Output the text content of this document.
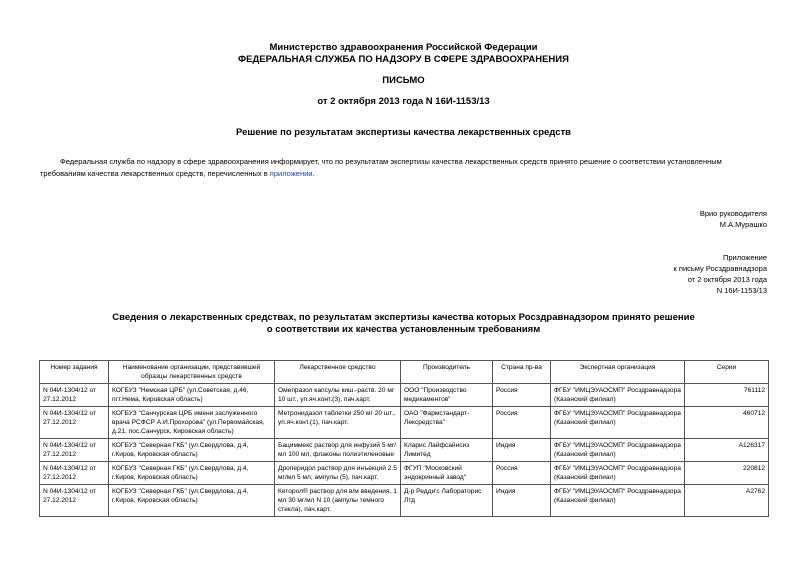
Министерство здравоохранения Российской Федерации
ФЕДЕРАЛЬНАЯ СЛУЖБА ПО НАДЗОРУ В СФЕРЕ ЗДРАВООХРАНЕНИЯ
ПИСЬМО
от 2 октября 2013 года N 16И-1153/13
Решение по результатам экспертизы качества лекарственных средств
Федеральная служба по надзору в сфере здравоохранения информирует, что по результатам экспертизы качества лекарственных средств принято решение о соответствии установленным требованиям качества лекарственных средств, перечисленных в приложении.
Врио руководителя
М.А.Мурашко
Приложение
к письму Росздравнадзора
от 2 октября 2013 года
N 16И-1153/13
Сведения о лекарственных средствах, по результатам экспертизы качества которых Росздравнадзором принято решение о соответствии их качества установленным требованиям
Номер задания	Наименование организации, представившей образцы лекарственных средств	Лекарственное средство	Производитель	Страна пр-ва	Экспертная организация	Серии
N 04И-1304/12 от 27.12.2012	КОГБУЗ "Немская ЦРБ" (ул.Советская, д.46, пгт.Нема, Кировская область)	Омепразол капсулы киш.-раств. 20 мг 10 шт., уп.яч.конт.(3), пач.карт.	ООО "Производство медикаментов"	Россия	ФГБУ "ИМЦЭУАОСМП" Росздравнадзора (Казанский филиал)	761112
N 04И-1304/12 от 27.12.2012	КОГБУЗ "Санчурская ЦРБ имени заслуженного врача РСФСР А.И.Прохорова" (ул.Первомайская, д.21, пос.Санчурск, Кировская область)	Метронидазол таблетки 250 мг 20 шт., уп.яч.конт.(1), пач.карт.	ОАО "Фармстандарт-Лексредства"	Россия	ФГБУ "ИМЦЭУАОСМП" Росздравнадзора (Казанский филиал)	460712
N 04И-1304/12 от 27.12.2012	КОГБУЗ "Северная ГКБ" (ул.Свердлова, д.4, г.Киров, Кировская область)	Бациммекс раствор для инфузий 5 мг/мл 100 мл, флаконы полиэтиленовые	Кларис Лайфсайнсиз Лимитед	Индия	ФГБУ "ИМЦЭУАОСМП" Росздравнадзора (Казанский филиал)	A126317
N 04И-1304/12 от 27.12.2012	КОГБУЗ "Северная ГКБ" (ул.Свердлова, д.4, г.Киров, Кировская область)	Дроперидол раствор для инъекций 2.5 мг/мл 5 мл, ампулы (5), пач.карт.	ФГУП "Московский эндокринный завод"	Россия	ФГБУ "ИМЦЭУАОСМП" Росздравнадзора (Казанский филиал)	220812
N 04И-1304/12 от 27.12.2012	КОГБУЗ "Северная ГКБ" (ул.Свердлова, д.4, г.Киров, Кировская область)	Кеторол® раствор для в/м введения, 1 мл 30 мг/мл N 10 (ампулы темного стекла), пач.карт.	Д-р Редди'с Лабораторис Лтд	Индия	ФГБУ "ИМЦЭУАОСМП" Росздравнадзора (Казанский филиал)	A2762
